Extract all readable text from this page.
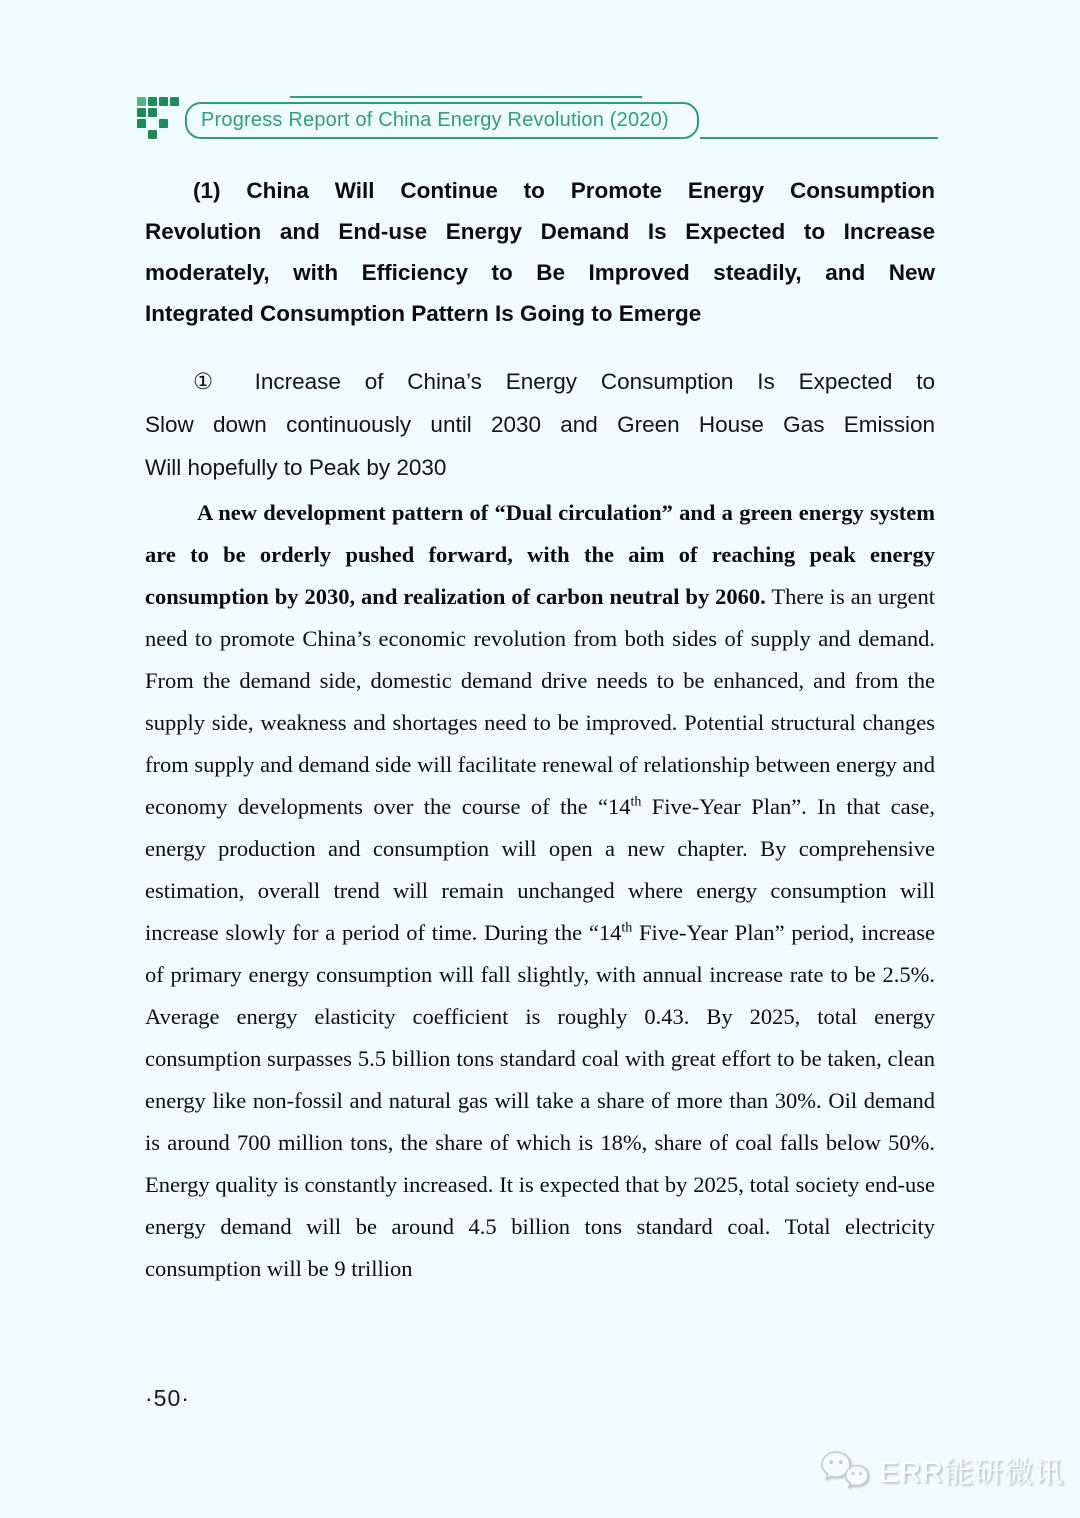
Progress Report of China Energy Revolution (2020)
(1) China Will Continue to Promote Energy Consumption
Revolution and End-use Energy Demand Is Expected to Increase
moderately, with Efficiency to Be Improved steadily, and New
Integrated Consumption Pattern Is Going to Emerge
① Increase of China’s Energy Consumption Is Expected to
Slow down continuously until 2030 and Green House Gas Emission
Will hopefully to Peak by 2030

A new development pattern of “Dual circulation” and a green energy system are to be orderly pushed forward, with the aim of reaching peak energy consumption by 2030, and realization of carbon neutral by 2060. There is an urgent need to promote China’s economic revolution from both sides of supply and demand. From the demand side, domestic demand drive needs to be enhanced, and from the supply side, weakness and shortages need to be improved. Potential structural changes from supply and demand side will facilitate renewal of relationship between energy and economy developments over the course of the “14th Five-Year Plan”. In that case, energy production and consumption will open a new chapter. By comprehensive estimation, overall trend will remain unchanged where energy consumption will increase slowly for a period of time. During the “14th Five-Year Plan” period, increase of primary energy consumption will fall slightly, with annual increase rate to be 2.5%. Average energy elasticity coefficient is roughly 0.43. By 2025, total energy consumption surpasses 5.5 billion tons standard coal with great effort to be taken, clean energy like non-fossil and natural gas will take a share of more than 30%. Oil demand is around 700 million tons, the share of which is 18%, share of coal falls below 50%. Energy quality is constantly increased. It is expected that by 2025, total society end-use energy demand will be around 4.5 billion tons standard coal. Total electricity consumption will be 9 trillion

·50·
ERR能研微讯
